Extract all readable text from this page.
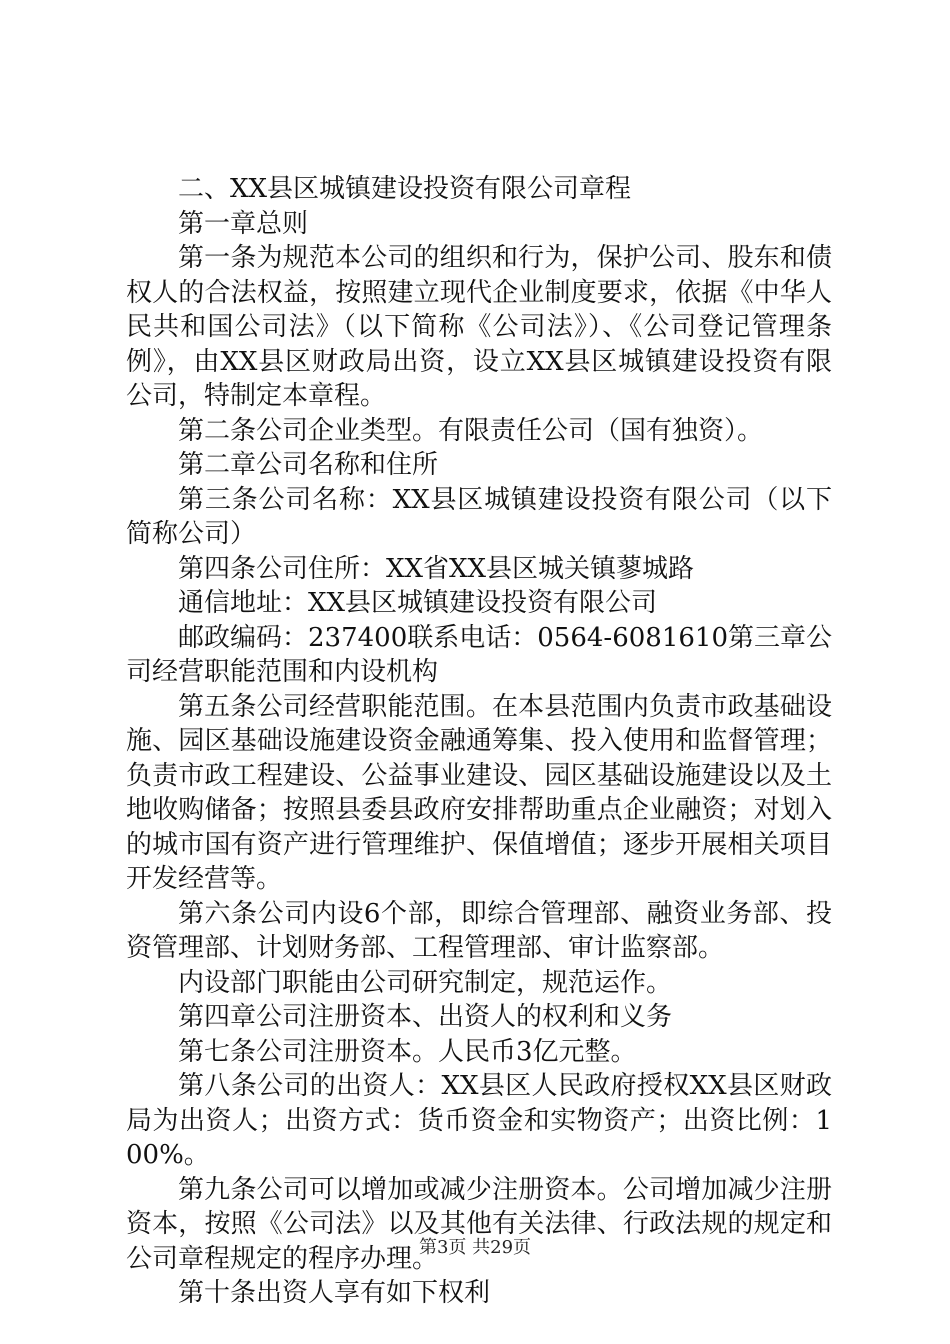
二、XX县区城镇建设投资有限公司章程

第一章总则

第一条为规范本公司的组织和行为，保护公司、股东和债权人的合法权益，按照建立现代企业制度要求，依据《中华人民共和国公司法》（以下简称《公司法》）、《公司登记管理条例》，由XX县区财政局出资，设立XX县区城镇建设投资有限公司，特制定本章程。

第二条公司企业类型。有限责任公司（国有独资）。

第二章公司名称和住所

第三条公司名称：XX县区城镇建设投资有限公司（以下简称公司）

第四条公司住所：XX省XX县区城关镇蓼城路

通信地址：XX县区城镇建设投资有限公司

邮政编码：237400联系电话：0564-6081610第三章公司经营职能范围和内设机构

第五条公司经营职能范围。在本县范围内负责市政基础设施、园区基础设施建设资金融通筹集、投入使用和监督管理；负责市政工程建设、公益事业建设、园区基础设施建设以及土地收购储备；按照县委县政府安排帮助重点企业融资；对划入的城市国有资产进行管理维护、保值增值；逐步开展相关项目开发经营等。

第六条公司内设6个部，即综合管理部、融资业务部、投资管理部、计划财务部、工程管理部、审计监察部。

内设部门职能由公司研究制定，规范运作。

第四章公司注册资本、出资人的权利和义务

第七条公司注册资本。人民币3亿元整。

第八条公司的出资人：XX县区人民政府授权XX县区财政局为出资人；出资方式：货币资金和实物资产；出资比例：100%。

第九条公司可以增加或减少注册资本。公司增加减少注册资本，按照《公司法》以及其他有关法律、行政法规的规定和公司章程规定的程序办理。

第十条出资人享有如下权利

第3页 共29页
